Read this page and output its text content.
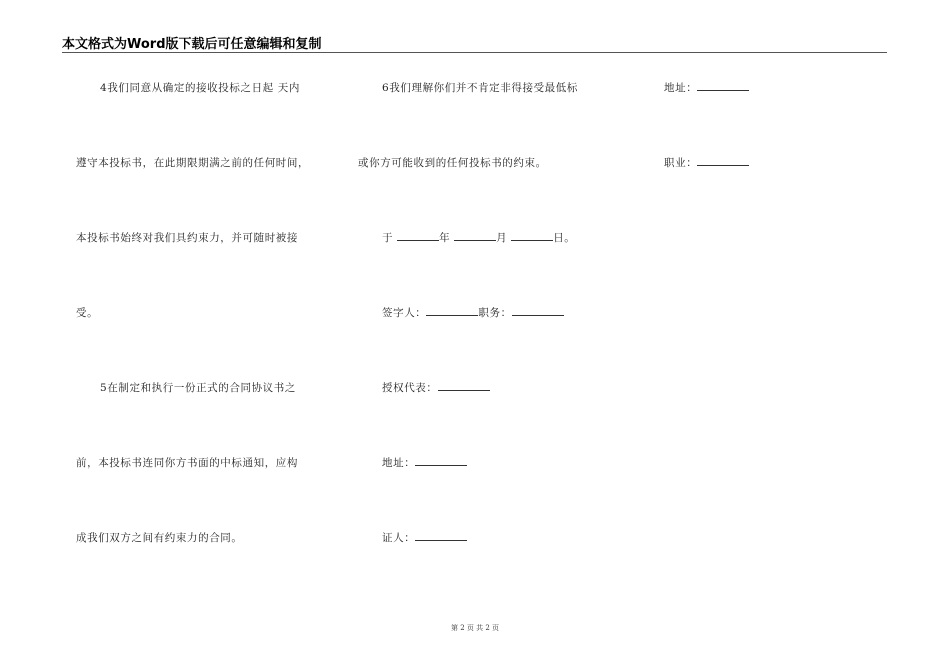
本文格式为Word版下载后可任意编辑和复制
4我们同意从确定的接收投标之日起 天内
遵守本投标书，在此期限期满之前的任何时间，
本投标书始终对我们具约束力，并可随时被接
受。
5在制定和执行一份正式的合同协议书之
前，本投标书连同你方书面的中标通知，应构
成我们双方之间有约束力的合同。
6我们理解你们并不肯定非得接受最低标
或你方可能收到的任何投标书的约束。
于	年	月	日。
签字人：	职务：
授权代表：
地址：
证人：
地址：
职业：
第 2 页 共 2 页
